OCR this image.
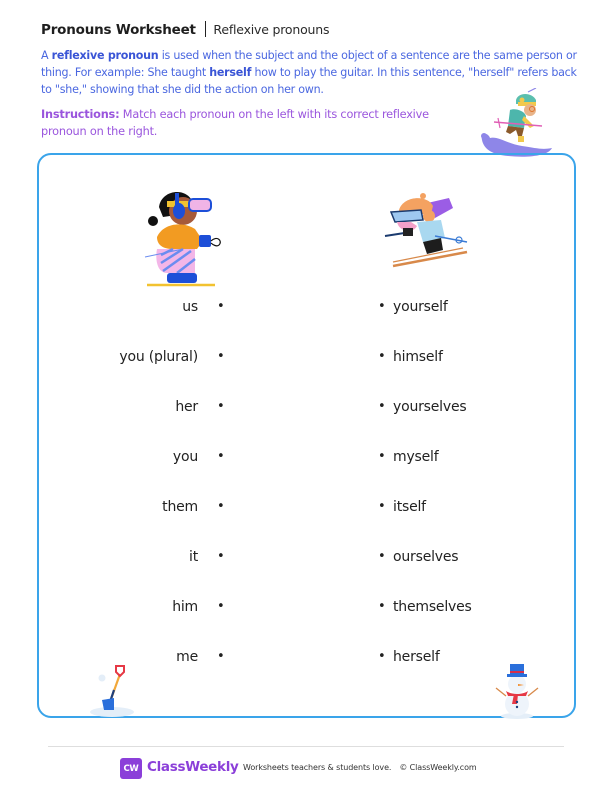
Pronouns Worksheet Reflexive pronouns

A reflexive pronoun is used when the subject and the object of a sentence are the same person or thing. For example: She taught herself how to play the guitar. In this sentence, "herself" refers back to "she," showing that she did the action on her own.

Instructions: Match each pronoun on the left with its correct reflexive pronoun on the right.

us •	• yourself
you (plural) •	• himself
her •	• yourselves
you •	• myself
them •	• itself
it •	• ourselves
him •	• themselves
me •	• herself
CW ClassWeekly Worksheets teachers & students love. © ClassWeekly.com
